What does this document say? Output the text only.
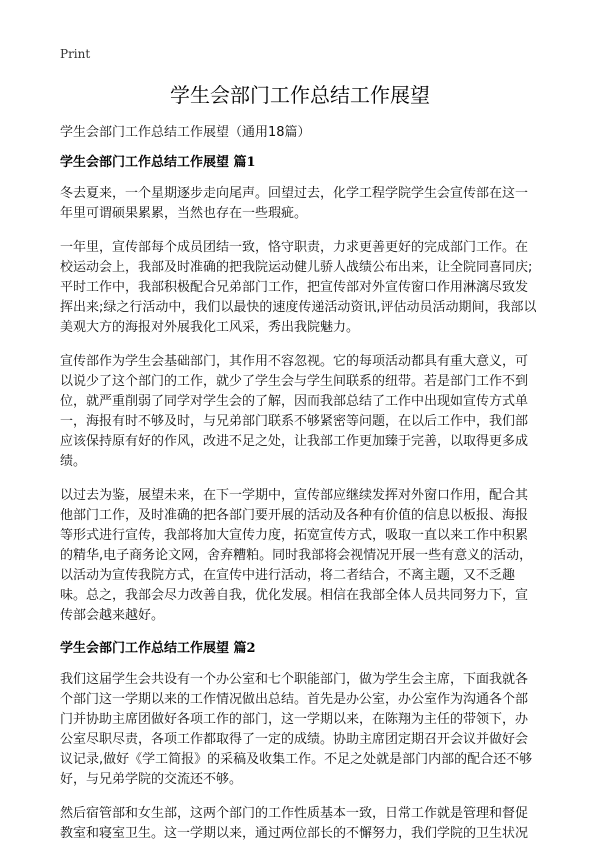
Print
学生会部门工作总结工作展望
学生会部门工作总结工作展望（通用18篇）
学生会部门工作总结工作展望 篇1

冬去夏来，一个星期逐步走向尾声。回望过去，化学工程学院学生会宣传部在这一年里可谓硕果累累，当然也存在一些瑕疵。

一年里，宣传部每个成员团结一致，恪守职责，力求更善更好的完成部门工作。在校运动会上，我部及时准确的把我院运动健儿骄人战绩公布出来，让全院同喜同庆;平时工作中，我部积极配合兄弟部门工作，把宣传部对外宣传窗口作用淋漓尽致发挥出来;绿之行活动中，我们以最快的速度传递活动资讯,评估动员活动期间，我部以美观大方的海报对外展我化工风采，秀出我院魅力。

宣传部作为学生会基础部门，其作用不容忽视。它的每项活动都具有重大意义，可以说少了这个部门的工作，就少了学生会与学生间联系的纽带。若是部门工作不到位，就严重削弱了同学对学生会的了解，因而我部总结了工作中出现如宣传方式单一，海报有时不够及时，与兄弟部门联系不够紧密等问题，在以后工作中，我们部应该保持原有好的作风，改进不足之处，让我部工作更加臻于完善，以取得更多成绩。

以过去为鉴，展望未来，在下一学期中，宣传部应继续发挥对外窗口作用，配合其他部门工作，及时准确的把各部门要开展的活动及各种有价值的信息以板报、海报等形式进行宣传，我部将加大宣传力度，拓宽宣传方式，吸取一直以来工作中积累的精华,电子商务论文网，舍弃糟粕。同时我部将会视情况开展一些有意义的活动，以活动为宣传我院方式，在宣传中进行活动，将二者结合，不离主题，又不乏趣味。总之，我部会尽力改善自我，优化发展。相信在我部全体人员共同努力下，宣传部会越来越好。

学生会部门工作总结工作展望 篇2

我们这届学生会共设有一个办公室和七个职能部门，做为学生会主席，下面我就各个部门这一学期以来的工作情况做出总结。首先是办公室，办公室作为沟通各个部门并协助主席团做好各项工作的部门，这一学期以来，在陈翔为主任的带领下，办公室尽职尽责，各项工作都取得了一定的成绩。协助主席团定期召开会议并做好会议记录,做好《学工简报》的采稿及收集工作。不足之处就是部门内部的配合还不够好，与兄弟学院的交流还不够。

然后宿管部和女生部，这两个部门的工作性质基本一致，日常工作就是管理和督促教室和寝室卫生。这一学期以来，通过两位部长的不懈努力，我们学院的卫生状况
